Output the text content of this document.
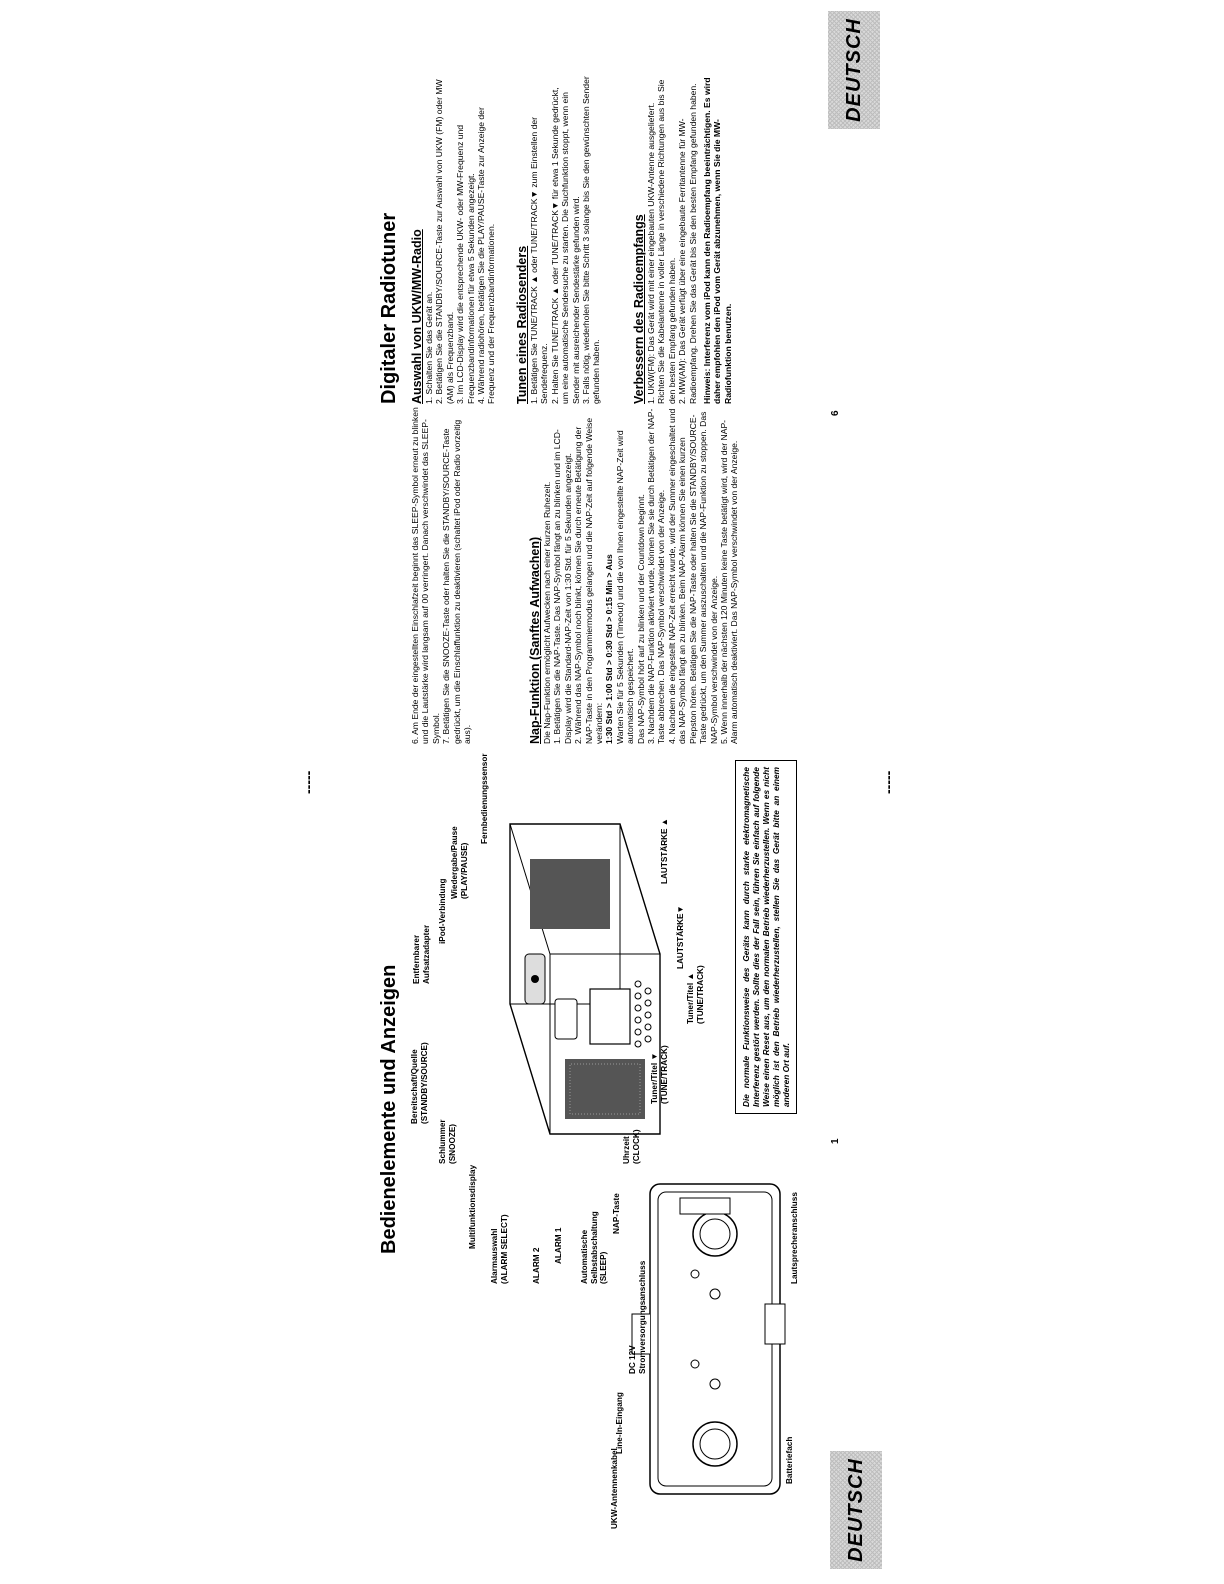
DEUTSCH
Bedienelemente und Anzeigen Bereitschaft/Quelle
(STANDBY/SOURCE)
Schlummer
(SNOOZE)
Entfernbarer
Aufsatzadapter
iPod-Verbindung
Wiedergabe/Pause
(PLAY/PAUSE)
Fernbedienungssensor
Multifunktionsdisplay
Alarmauswahl
(ALARM SELECT)
ALARM 2
ALARM 1 Automatische
Selbstabschaltung
(SLEEP)
NAP-Taste
Uhrzeit
(CLOCK)
Tuner/Titel ▼
(TUNE/TRACK)
Tuner/Titel ▲
(TUNE/TRACK)
LAUTSTÄRKE▼
LAUTSTÄRKE ▲
UKW-Antennenkabel
Line-In-Eingang
DC 12V
Stromversorgungsanschluss
Batteriefach
Lautsprecheranschluss
Die normale Funktionsweise des Geräts kann durch starke elektromagnetische Interferenz gestört werden. Sollte dies der Fall sein, führen Sie einfach auf folgende Weise einen Reset aus, um den normalen Betrieb wiederherzustellen. Wenn es nicht möglich ist den Betrieb wiederherzustellen, stellen Sie das Gerät bitte an einem anderen Ort auf.
1
-----
6. Am Ende der eingestellten Einschlafzeit beginnt das SLEEP-Symbol erneut zu blinken und die Lautstärke wird langsam auf 00 verringert. Danach verschwindet das SLEEP-Symbol. 7. Betätigen Sie die SNOOZE-Taste oder halten Sie die STANDBY/SOURCE-Taste gedrückt, um die Einschlaffunktion zu deaktivieren (schaltet iPod oder Radio vorzeitig aus).	Nap-Funktion (Sanftes Aufwachen) Die Nap-Funktion ermöglicht Aufwecken nach einer kurzen Ruhezeit. 1. Betätigen Sie die NAP-Taste. Das NAP-Symbol fängt an zu blinken und im LCD-Display wird die Standard-NAP-Zeit von 1:30 Std. für 5 Sekunden angezeigt. 2. Während das NAP-Symbol noch blinkt, können Sie durch erneute Betätigung der NAP-Taste in den Programmiermodus gelangen und die NAP-Zeit auf folgende Weise verändern: 1:30 Std > 1:00 Std > 0:30 Std > 0:15 Min > Aus Warten Sie für 5 Sekunden (Timeout) und die von Ihnen eingestellte NAP-Zeit wird automatisch gespeichert. Das NAP-Symbol hört auf zu blinken und der Countdown beginnt. 3. Nachdem die NAP-Funktion aktiviert wurde, können Sie sie durch Betätigen der NAP-Taste abbrechen. Das NAP-Symbol verschwindet von der Anzeige. 4. Nachdem die eingestellt NAP-Zeit erreicht wurde, wird der Summer eingeschaltet und das NAP-Symbol fängt an zu blinken. Beim NAP-Alarm können Sie einen kurzen Piepston hören. Betätigen Sie die NAP-Taste oder halten Sie die STANDBY/SOURCE-Taste gedrückt, um den Summer auszuschalten und die NAP-Funktion zu stoppen. Das NAP-Symbol verschwindet von der Anzeige. 5. Wenn innerhalb der nächsten 120 Minuten keine Taste betätigt wird, wird der NAP-Alarm automatisch deaktiviert. Das NAP-Symbol verschwindet von der Anzeige.
Digitaler Radiotuner Auswahl von UKW/MW-Radio 1. Schalten Sie das Gerät an. 2. Betätigen Sie die STANDBY/SOURCE-Taste zur Auswahl von UKW (FM) oder MW (AM) als Frequenzband. 3. Im LCD-Display wird die entsprechende UKW- oder MW-Frequenz und Frequenzbandinformationen für etwa 5 Sekunden angezeigt. 4. Während radiohören, betätigen Sie die PLAY/PAUSE-Taste zur Anzeige der Frequenz und der Frequenzbandinformationen. Tunen eines Radiosenders 1. Betätigen Sie TUNE/TRACK ▲ oder TUNE/TRACK▼ zum Einstellen der Sendefrequenz. 2. Halten Sie TUNE/TRACK ▲ oder TUNE/TRACK▼ für etwa 1 Sekunde gedrückt, um eine automatische Sendersuche zu starten. Die Suchfunktion stoppt, wenn ein Sender mit ausreichender Sendestärke gefunden wird. 3. Falls nötig, wiederholen Sie bitte Schritt 3 solange bis Sie den gewünschten Sender gefunden haben. Verbessern des Radioempfangs 1. UKW(FM): Das Gerät wird mit einer eingebauten UKW-Antenne ausgeliefert. Richten Sie die Kabelantenne in voller Länge in verschiedene Richtungen aus bis Sie den besten Empfang gefunden haben. 2. MW(AM): Das Gerät verfügt über eine eingebaute Ferritantenne für MW-Radioempfang. Drehen Sie das Gerät bis Sie den besten Empfang gefunden haben. Hinweis: Interferenz vom iPod kann den Radioempfang beeinträchtigen. Es wird daher empfohlen den iPod vom Gerät abzunehmen, wenn Sie die MW-Radiofunktion benutzen.
6
-----
DEUTSCH
